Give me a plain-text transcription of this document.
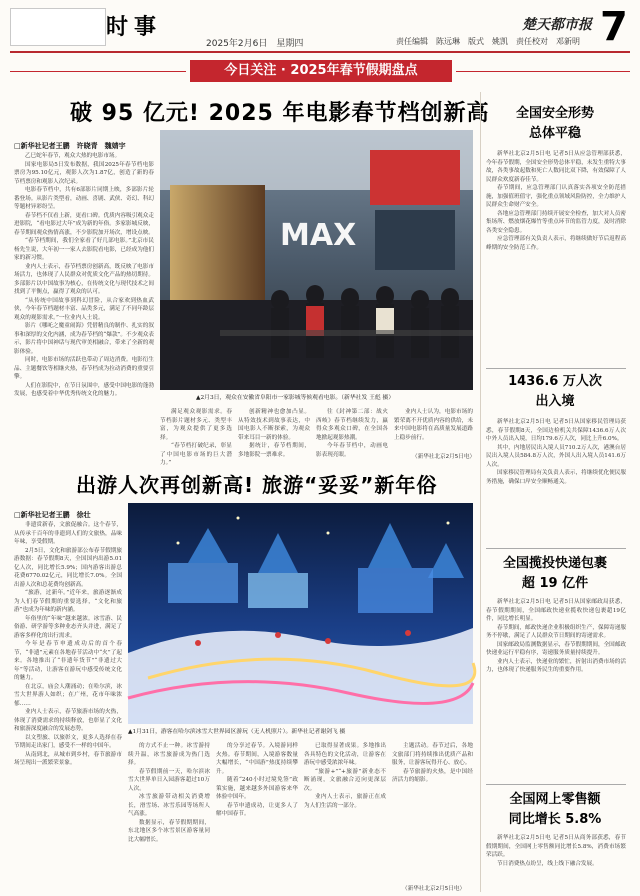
时事
2025年2月6日　星期四	责任编辑　陈远琳　版式　姚凯　责任校对　邓新明
楚天都市报 7
今日关注 · 2025年春节假期盘点
破 95 亿元! 2025 年电影春节档创新高
□新华社记者王鹏　许晓青　魏婧宇

乙巳蛇年春节，观众大热的电影市场。

国家电影局5日发布数据，我国2025年春节档电影票房为95.10亿元，观影人次为1.87亿，创造了新的春节档票房和观影人次纪录。

电影春节档中，共有6部影片同期上映，多部影片轮番登场。从影片类型看，动画、喜剧、武侠、奇幻、科幻等题材异彩纷呈。

春节档不仅看上新，更看口碑。优质内容吸引观众走进影院，“看电影过大年”成为新的年俗。多家影城反映，春节期间观众热情高涨，不少影院加开场次，增设点映。

“春节档期间，我们全家看了好几部电影。”北京市民杨先生说，大年初一一家人去影院看电影，已经成为他们家的新习惯。

业内人士表示，春节档票房创新高，既反映了电影市场活力，也体现了人民群众对优质文化产品的热切期待。多部影片以中国故事为核心，在传统文化与现代技术之间找到了平衡点，赢得了观众的认可。

“从传统中国故事到科幻冒险，从合家欢到热血武侠，今年春节档题材丰富、品类多元，满足了不同年龄层观众的观影需求。”一位业内人士说。

影片《哪吒之魔童闹海》凭借精良的制作、扎实的叙事和深厚的文化内涵，成为春节档的“爆款”。不少观众表示，影片将中国神话与现代审美相融合，带来了全新的观影体验。

同时，电影市场的活跃也带动了周边消费。电影衍生品、主题餐饮等相继火热，春节档成为拉动消费的重要引擎。

人们在影院中，在节日氛围中，感受中国电影的蓬勃发展，也感受着中华优秀传统文化的魅力。

MAX
▲2月3日，观众在安徽省阜阳市一家影城等候观看电影。（新华社发 王彪 摄）

满足观众观影需求。春节档影片题材多元、类型丰富，为观众提供了更多选择。

“春节档打破纪录，彰显了中国电影市场的巨大潜力。”

创新精神也愈加凸显。从特效技术到故事表达，中国电影人不断探索，为观众带来耳目一新的体验。

据统计，春节档期间，多地影院一票难求。

往《封神第二部：战火西岐》春节档继续发力，赢得众多观众口碑，在全国各地掀起观影热潮。

今年春节档中，动画电影表现亮眼。

业内人士认为，电影市场的繁荣离不开优质内容的供给，未来中国电影将在高质量发展道路上稳步前行。

（新华社北京2月5日电）
出游人次再创新高! 旅游“妥妥”新年俗
□新华社记者王鹏　徐壮

非遗赏新春，文旅促融合。这个春节，从传承千百年的非遗到人们的文旅热，品味年味，享受假期。

2月5日，文化和旅游部公布春节假期旅游数据：春节假期8天，全国国内出游5.01亿人次，同比增长5.9%；国内游客出游总花费6770.02亿元，同比增长7.0%。全国出游人次和总花费均创新高。

“旅游，过新年。”近年来，旅游逐渐成为人们春节假期的重要选择，“文化和旅游”也成为年味的新内涵。

年俗里的“年味”越来越浓。冰雪游、民俗游、研学游等多种业态齐头并进，满足了游客多样化的出行需求。

今年是春节申遗成功后的首个春节，“非遗”元素在各地春节活动中“火”了起来。各地推出了“非遗年货节”“非遗过大年”等活动，让游客在游玩中感受传统文化的魅力。

在北京，庙会人潮涌动；在哈尔滨，冰雪大世界游人如织；在广州，花市年味浓郁……

业内人士表示，春节旅游市场的火热，体现了消费需求的持续释放，也彰显了文化和旅游深度融合的发展态势。

以文塑旅、以旅彰文，更多人选择在春节期间走出家门，感受不一样的中国年。

从南到北，从城市到乡村，春节旅游市场呈现出一派繁荣景象。

▲1月31日，游客在哈尔滨冰雪大世界园区游玩（无人机照片）。新华社记者谢剑飞 摄

的方式不止一种。冰雪游持续升温，冰雪旅游成为热门选择。

春节假期前一天，哈尔滨冰雪大世界单日入园游客超过10万人次。

冰雪旅游带动相关消费增长，滑雪场、冰雪乐园等场所人气高涨。

数据显示，春节假期期间，东北地区多个冰雪景区游客量同比大幅增长。

的分享过春节。入境游同样火热。春节期间，入境游客数量大幅增长，“中国游”热度持续攀升。

随着“240小时过境免签”政策实施，越来越多外国游客来华体验中国年。

春节申遗成功，让更多人了解中国春节。

已取得显著成果。多地推出各具特色的文化活动，让游客在游玩中感受浓浓年味。

“旅游+”“+旅游”新业态不断涌现，文旅融合迈向更深层次。

业内人士表示，旅游正在成为人们生活的一部分。

主题活动。春节过后，各地文旅部门将持续推出优质产品和服务，让游客玩得开心、放心。

春节旅游的火热，是中国经济活力的缩影。

（新华社北京2月5日电）
全国安全形势
总体平稳

新华社北京2月5日电 记者5日从应急管理部获悉，今年春节假期，全国安全形势总体平稳，未发生重特大事故，各类事故起数和死亡人数同比双下降，有效保障了人民群众欢度新春佳节。

春节期间，应急管理部门认真落实各项安全防范措施，加强值班值守，强化重点领域风险防控，全力维护人民群众生命财产安全。

各地应急管理部门持续开展安全检查，加大对人员密集场所、燃放烟花爆竹等重点环节的监管力度，及时消除各类安全隐患。

应急管理部有关负责人表示，将继续做好节后返程高峰期的安全防范工作。

1436.6 万人次
出入境

新华社北京2月5日电 记者5日从国家移民管理局获悉，春节假期8天，全国边检机关共保障1436.6万人次中外人员出入境，日均179.6万人次，同比上升6.0%。

其中，内地居民出入境人员710.2万人次，港澳台居民出入境人员584.8万人次，外国人出入境人员141.6万人次。

国家移民管理局有关负责人表示，将继续优化便民服务措施，确保口岸安全顺畅通关。

全国揽投快递包裹
超 19 亿件

新华社北京2月5日电 记者5日从国家邮政局获悉，春节假期期间，全国邮政快递业揽收快递包裹超19亿件，同比增长明显。

春节期间，邮政快递企业积极组织生产，保障寄递服务不停歇，满足了人民群众节日期间的寄递需求。

国家邮政局监测数据显示，春节假期期间，全国邮政快递业运行平稳有序，寄递服务质量持续提升。

业内人士表示，快递业的繁忙，折射出消费市场的活力，也体现了快递服务民生的重要作用。

全国网上零售额
同比增长 5.8%

新华社北京2月5日电 记者5日从商务部获悉，春节假期期间，全国网上零售额同比增长5.8%，消费市场繁荣活跃。

节日消费热点纷呈，线上线下融合发展。
